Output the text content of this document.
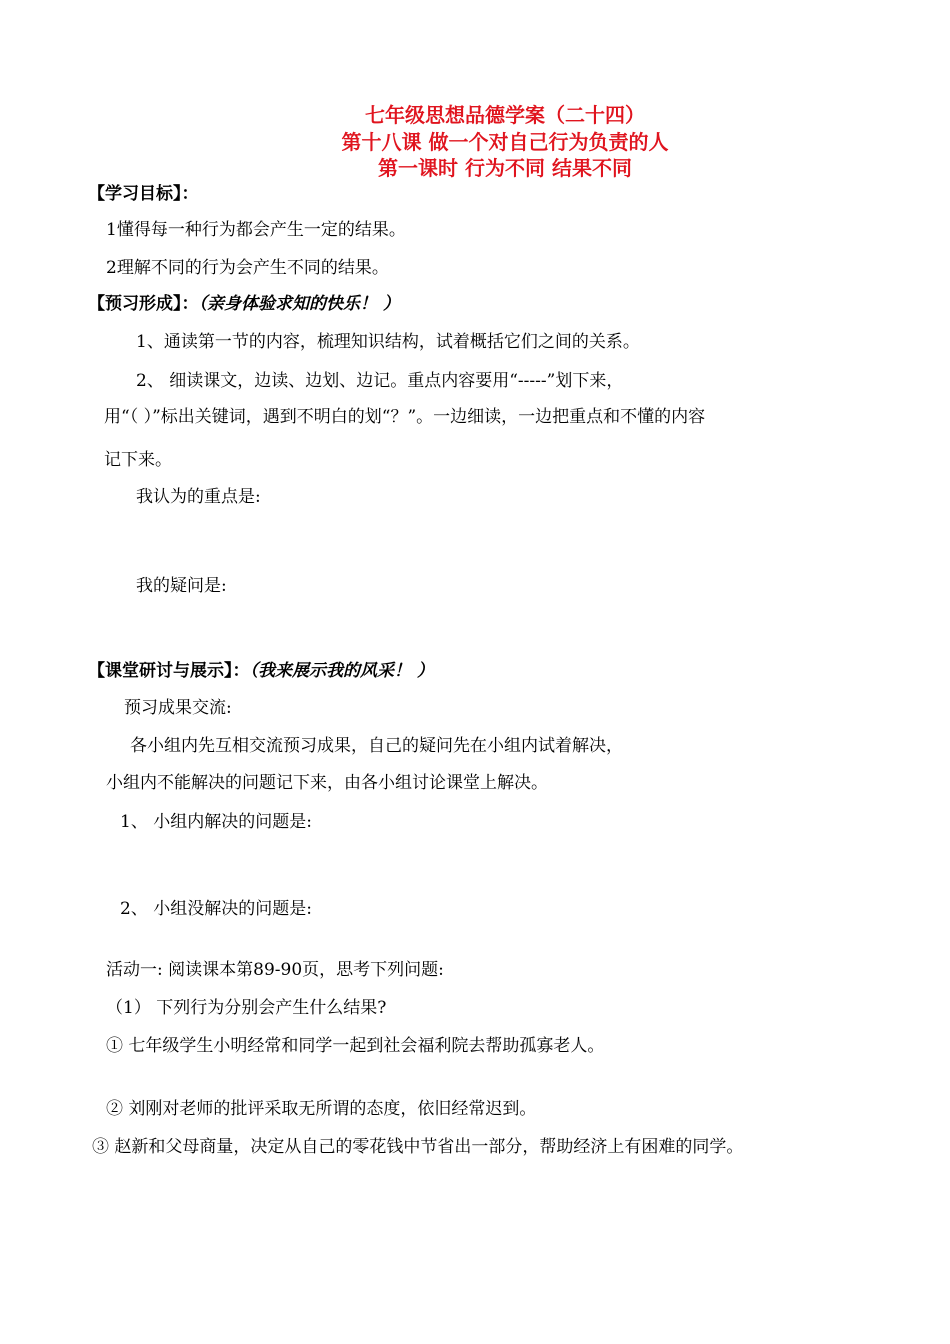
七年级思想品德学案（二十四）
第十八课 做一个对自己行为负责的人
第一课时 行为不同 结果不同
【学习目标】：
1懂得每一种行为都会产生一定的结果。
2理解不同的行为会产生不同的结果。
【预习形成】：（亲身体验求知的快乐！ ）
1、通读第一节的内容，梳理知识结构，试着概括它们之间的关系。
2、 细读课文，边读、边划、边记。重点内容要用“-----”划下来，
用“（ ）”标出关键词，遇到不明白的划“？”。一边细读，一边把重点和不懂的内容
记下来。
我认为的重点是:
我的疑问是:
【课堂研讨与展示】：（我来展示我的风采！ ）
预习成果交流:
各小组内先互相交流预习成果，自己的疑问先在小组内试着解决，
小组内不能解决的问题记下来，由各小组讨论课堂上解决。
1、 小组内解决的问题是:
2、 小组没解决的问题是:
活动一: 阅读课本第89-90页，思考下列问题:
（1） 下列行为分别会产生什么结果?
① 七年级学生小明经常和同学一起到社会福利院去帮助孤寡老人。
② 刘刚对老师的批评采取无所谓的态度，依旧经常迟到。
③ 赵新和父母商量，决定从自己的零花钱中节省出一部分，帮助经济上有困难的同学。
